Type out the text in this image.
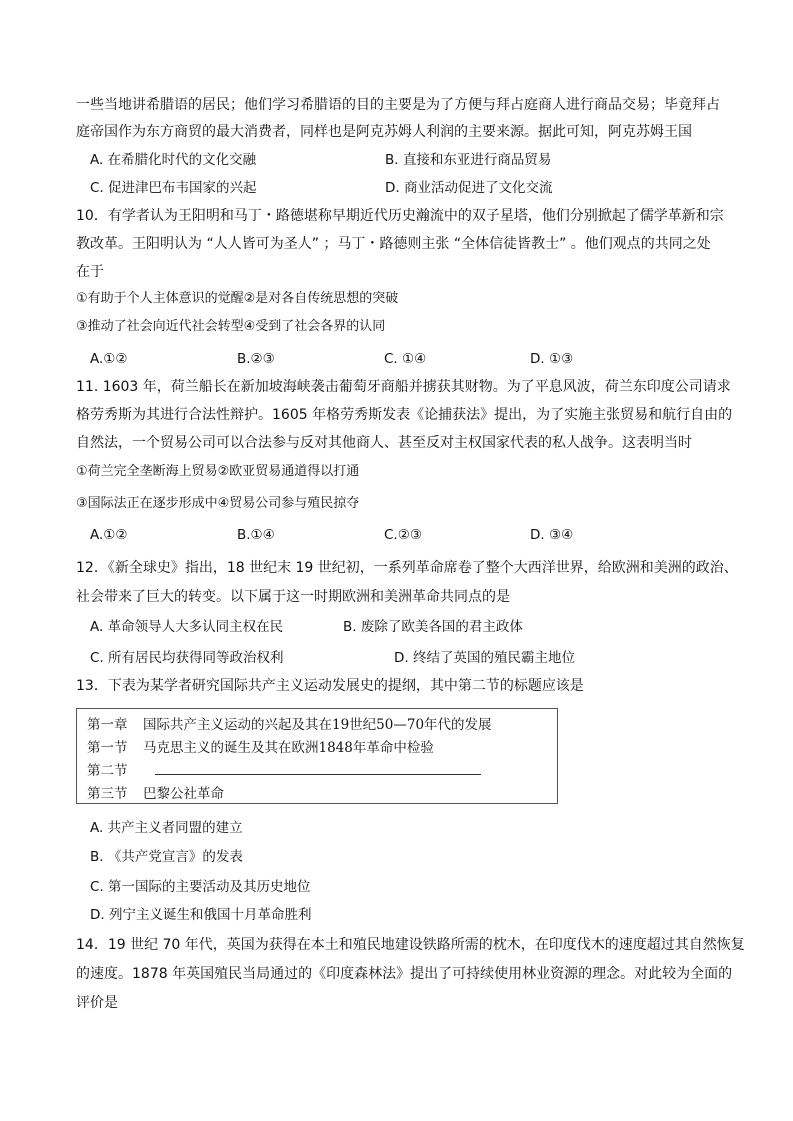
一些当地讲希腊语的居民；他们学习希腊语的目的主要是为了方便与拜占庭商人进行商品交易；毕竟拜占
庭帝国作为东方商贸的最大消费者，同样也是阿克苏姆人利润的主要来源。据此可知，阿克苏姆王国
A. 在希腊化时代的文化交融	B. 直接和东亚进行商品贸易
C. 促进津巴布韦国家的兴起	D. 商业活动促进了文化交流
10．有学者认为王阳明和马丁・路德堪称早期近代历史瀚流中的双子星塔，他们分别掀起了儒学革新和宗
教改革。王阳明认为 “人人皆可为圣人” ；马丁・路德则主张 “全体信徒皆教士” 。他们观点的共同之处
在于
①有助于个人主体意识的觉醒②是对各自传统思想的突破
③推动了社会向近代社会转型④受到了社会各界的认同
A.①②	B.②③	C. ①④	D. ①③
11. 1603 年，荷兰船长在新加坡海峡袭击葡萄牙商船并掳获其财物。为了平息风波，荷兰东印度公司请求
格劳秀斯为其进行合法性辩护。1605 年格劳秀斯发表《论捕获法》提出，为了实施主张贸易和航行自由的
自然法，一个贸易公司可以合法参与反对其他商人、甚至反对主权国家代表的私人战争。这表明当时
①荷兰完全垄断海上贸易②欧亚贸易通道得以打通
③国际法正在逐步形成中④贸易公司参与殖民掠夺
A.①②	B.①④	C.②③	D. ③④
12．《新全球史》指出，18 世纪末 19 世纪初，一系列革命席卷了整个大西洋世界，给欧洲和美洲的政治、
社会带来了巨大的转变。以下属于这一时期欧洲和美洲革命共同点的是
A. 革命领导人大多认同主权在民	B. 废除了欧美各国的君主政体
C. 所有居民均获得同等政治权利	D. 终结了英国的殖民霸主地位
13．下表为某学者研究国际共产主义运动发展史的提纲，其中第二节的标题应该是
第一章 国际共产主义运动的兴起及其在19世纪50—70年代的发展
第一节 马克思主义的诞生及其在欧洲1848年革命中检验
第二节
第三节 巴黎公社革命
A. 共产主义者同盟的建立
B. 《共产党宣言》的发表
C. 第一国际的主要活动及其历史地位
D. 列宁主义诞生和俄国十月革命胜利
14．19 世纪 70 年代，英国为获得在本土和殖民地建设铁路所需的枕木，在印度伐木的速度超过其自然恢复
的速度。1878 年英国殖民当局通过的《印度森林法》提出了可持续使用林业资源的理念。对此较为全面的
评价是
